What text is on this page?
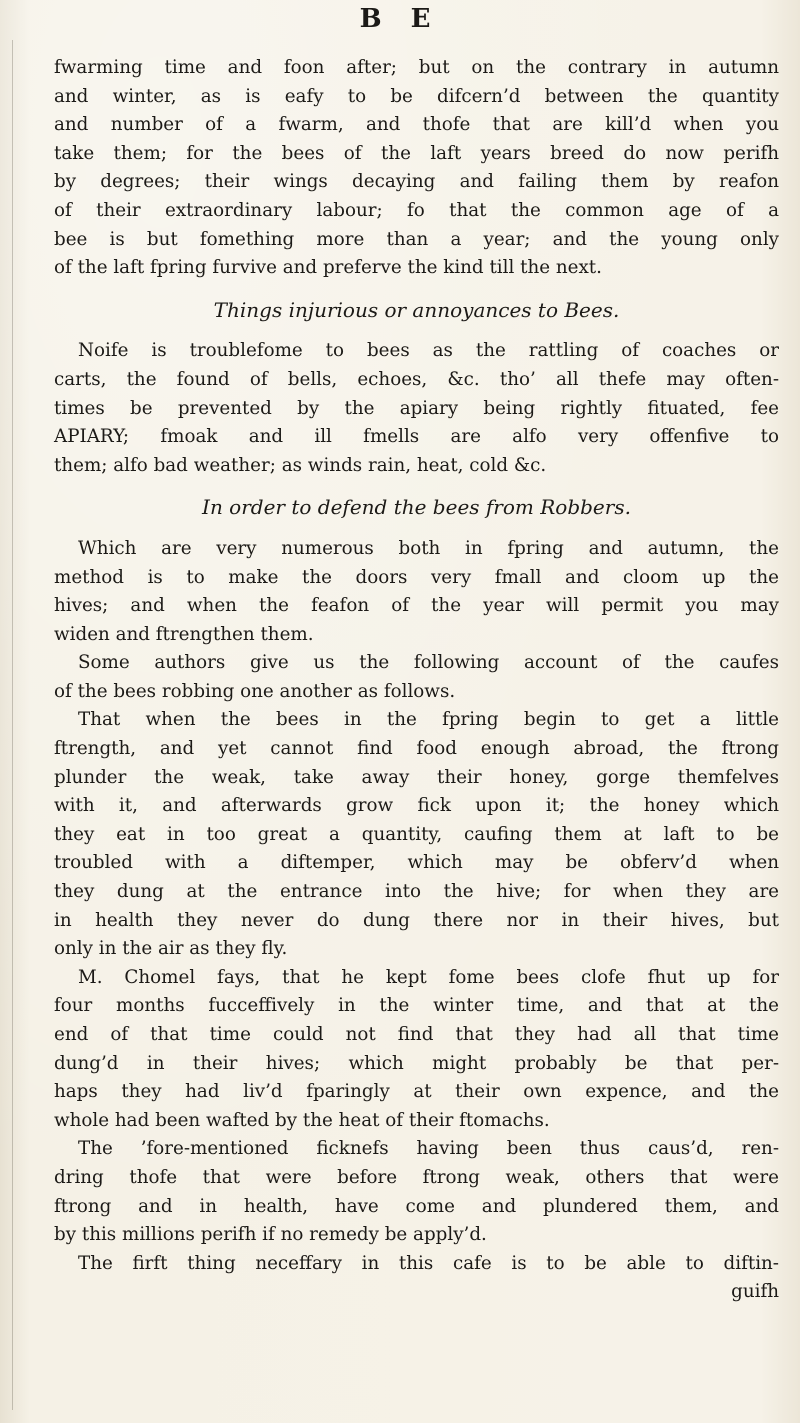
B E
fwarming time and foon after; but on the contrary in autumn
and winter, as is eafy to be difcern’d between the quantity
and number of a fwarm, and thofe that are kill’d when you
take them; for the bees of the laft years breed do now perifh
by degrees; their wings decaying and failing them by reafon
of their extraordinary labour; fo that the common age of a
bee is but fomething more than a year; and the young only
of the laft fpring furvive and preferve the kind till the next.
Things injurious or annoyances to Bees.
Noife is troublefome to bees as the rattling of coaches or
carts, the found of bells, echoes, &c. tho’ all thefe may often-
times be prevented by the apiary being rightly fituated, fee
APIARY; fmoak and ill fmells are alfo very offenfive to
them; alfo bad weather; as winds rain, heat, cold &c.
In order to defend the bees from Robbers.
Which are very numerous both in fpring and autumn, the
method is to make the doors very fmall and cloom up the
hives; and when the feafon of the year will permit you may
widen and ftrengthen them.
Some authors give us the following account of the caufes
of the bees robbing one another as follows.
That when the bees in the fpring begin to get a little
ftrength, and yet cannot find food enough abroad, the ftrong
plunder the weak, take away their honey, gorge themfelves
with it, and afterwards grow fick upon it; the honey which
they eat in too great a quantity, caufing them at laft to be
troubled with a diftemper, which may be obferv’d when
they dung at the entrance into the hive; for when they are
in health they never do dung there nor in their hives, but
only in the air as they fly.
M. Chomel fays, that he kept fome bees clofe fhut up for
four months fucceffively in the winter time, and that at the
end of that time could not find that they had all that time
dung’d in their hives; which might probably be that per-
haps they had liv’d fparingly at their own expence, and the
whole had been wafted by the heat of their ftomachs.
The ’fore-mentioned ficknefs having been thus caus’d, ren-
dring thofe that were before ftrong weak, others that were
ftrong and in health, have come and plundered them, and
by this millions perifh if no remedy be apply’d.
The firft thing neceffary in this cafe is to be able to diftin-
guifh
